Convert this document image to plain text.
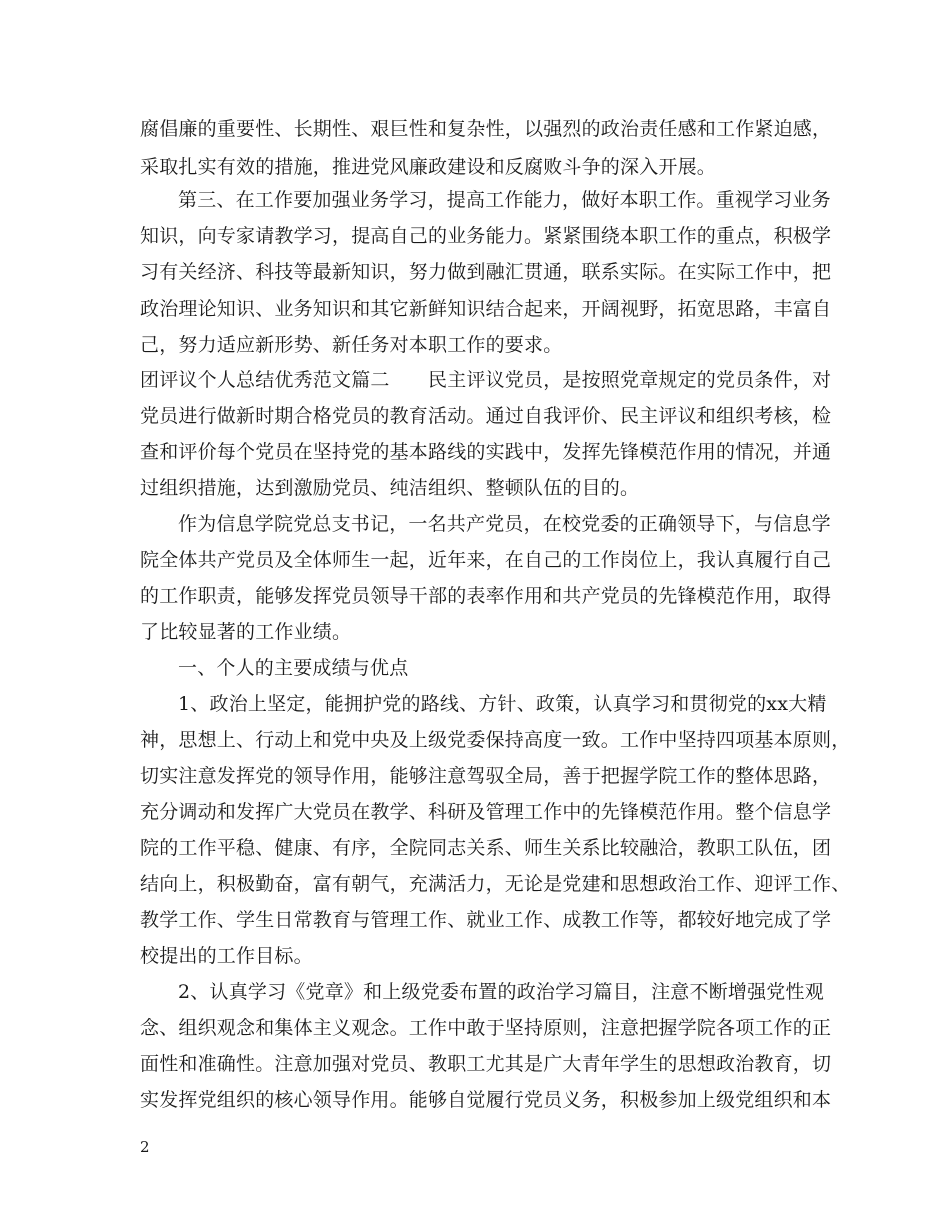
腐倡廉的重要性、长期性、艰巨性和复杂性，以强烈的政治责任感和工作紧迫感，
采取扎实有效的措施，推进党风廉政建设和反腐败斗争的深入开展。
第三、在工作要加强业务学习，提高工作能力，做好本职工作。重视学习业务
知识，向专家请教学习，提高自己的业务能力。紧紧围绕本职工作的重点，积极学
习有关经济、科技等最新知识，努力做到融汇贯通，联系实际。在实际工作中，把
政治理论知识、业务知识和其它新鲜知识结合起来，开阔视野，拓宽思路，丰富自
己，努力适应新形势、新任务对本职工作的要求。
团评议个人总结优秀范文篇二　　民主评议党员，是按照党章规定的党员条件，对
党员进行做新时期合格党员的教育活动。通过自我评价、民主评议和组织考核，检
查和评价每个党员在坚持党的基本路线的实践中，发挥先锋模范作用的情况，并通
过组织措施，达到激励党员、纯洁组织、整顿队伍的目的。
作为信息学院党总支书记，一名共产党员，在校党委的正确领导下，与信息学
院全体共产党员及全体师生一起，近年来，在自己的工作岗位上，我认真履行自己
的工作职责，能够发挥党员领导干部的表率作用和共产党员的先锋模范作用，取得
了比较显著的工作业绩。
一、个人的主要成绩与优点
1、政治上坚定，能拥护党的路线、方针、政策，认真学习和贯彻党的xx大精
神，思想上、行动上和党中央及上级党委保持高度一致。工作中坚持四项基本原则，
切实注意发挥党的领导作用，能够注意驾驭全局，善于把握学院工作的整体思路，
充分调动和发挥广大党员在教学、科研及管理工作中的先锋模范作用。整个信息学
院的工作平稳、健康、有序，全院同志关系、师生关系比较融洽，教职工队伍，团
结向上，积极勤奋，富有朝气，充满活力，无论是党建和思想政治工作、迎评工作、
教学工作、学生日常教育与管理工作、就业工作、成教工作等，都较好地完成了学
校提出的工作目标。
2、认真学习《党章》和上级党委布置的政治学习篇目，注意不断增强党性观
念、组织观念和集体主义观念。工作中敢于坚持原则，注意把握学院各项工作的正
面性和准确性。注意加强对党员、教职工尤其是广大青年学生的思想政治教育，切
实发挥党组织的核心领导作用。能够自觉履行党员义务，积极参加上级党组织和本
2
